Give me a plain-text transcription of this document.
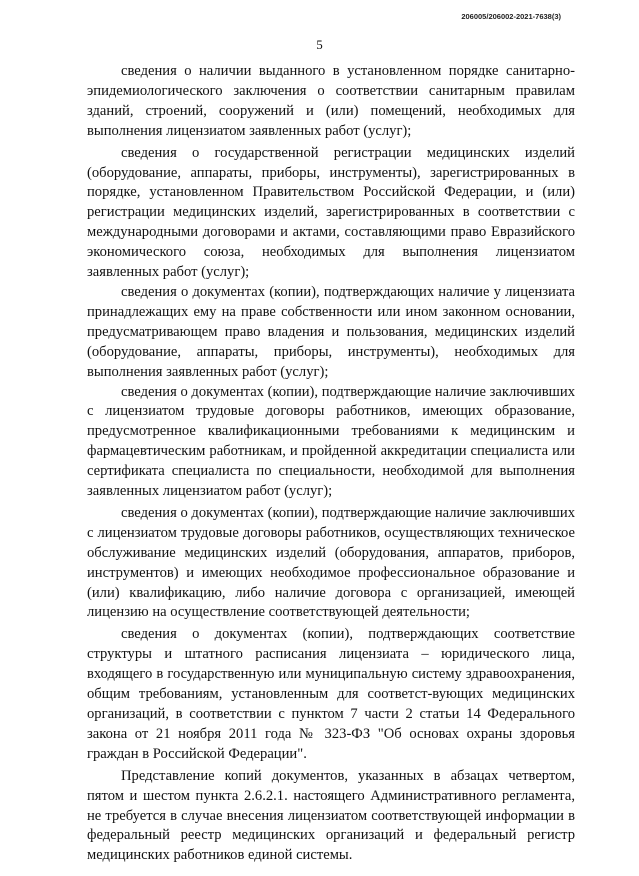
206005/206002-2021-7638(3)
5

сведения о наличии выданного в установленном порядке санитарно-эпидемиологического заключения о соответствии санитарным правилам зданий, строений, сооружений и (или) помещений, необходимых для выполнения лицензиатом заявленных работ (услуг);

сведения о государственной регистрации медицинских изделий (оборудование, аппараты, приборы, инструменты), зарегистрированных в порядке, установленном Правительством Российской Федерации, и (или) регистрации медицинских изделий, зарегистрированных в соответствии с международными договорами и актами, составляющими право Евразийского экономического союза, необходимых для выполнения лицензиатом заявленных работ (услуг);

сведения о документах (копии), подтверждающих наличие у лицензиата принадлежащих ему на праве собственности или ином законном основании, предусматривающем право владения и пользования, медицинских изделий (оборудование, аппараты, приборы, инструменты), необходимых для выполнения заявленных работ (услуг);

сведения о документах (копии), подтверждающие наличие заключивших с лицензиатом трудовые договоры работников, имеющих образование, предусмотренное квалификационными требованиями к медицинским и фармацевтическим работникам, и пройденной аккредитации специалиста или сертификата специалиста по специальности, необходимой для выполнения заявленных лицензиатом работ (услуг);

сведения о документах (копии), подтверждающие наличие заключивших с лицензиатом трудовые договоры работников, осуществляющих техническое обслуживание медицинских изделий (оборудования, аппаратов, приборов, инструментов) и имеющих необходимое профессиональное образование и (или) квалификацию, либо наличие договора с организацией, имеющей лицензию на осуществление соответствующей деятельности;

сведения о документах (копии), подтверждающих соответствие структуры и штатного расписания лицензиата – юридического лица, входящего в государственную или муниципальную систему здравоохранения, общим требованиям, установленным для соответст-вующих медицинских организаций, в соответствии с пунктом 7 части 2 статьи 14 Федерального закона от 21 ноября 2011 года № 323-ФЗ "Об основах охраны здоровья граждан в Российской Федерации".

Представление копий документов, указанных в абзацах четвертом, пятом и шестом пункта 2.6.2.1. настоящего Административного регламента, не требуется в случае внесения лицензиатом соответствующей информации в федеральный реестр медицинских организаций и федеральный регистр медицинских работников единой системы.
